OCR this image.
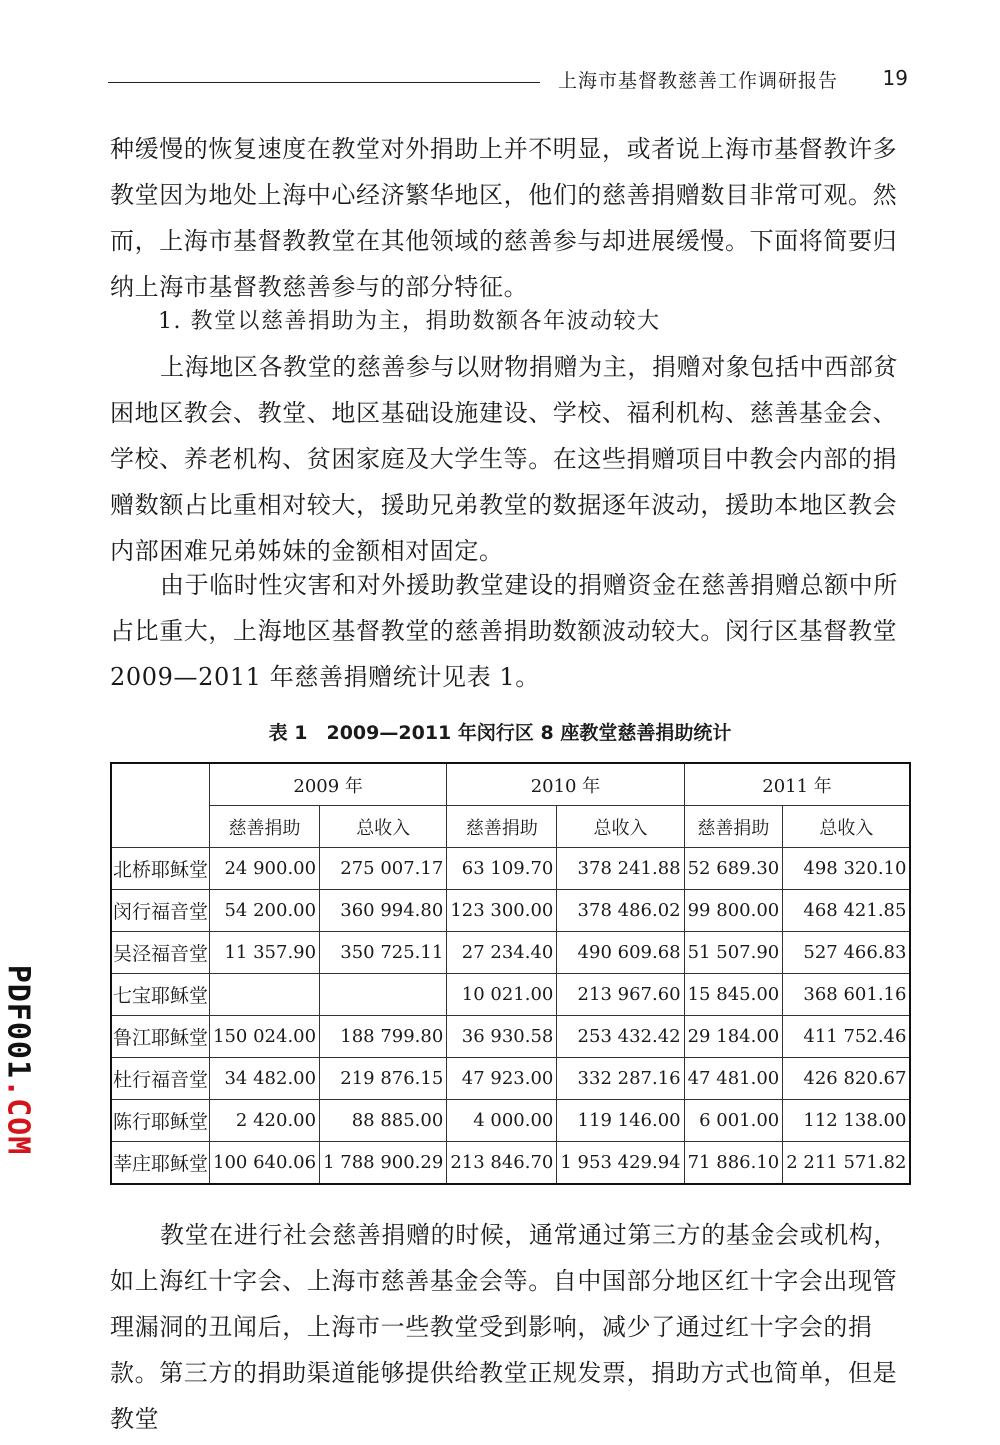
上海市基督教慈善工作调研报告 19

种缓慢的恢复速度在教堂对外捐助上并不明显，或者说上海市基督教许多教堂因为地处上海中心经济繁华地区，他们的慈善捐赠数目非常可观。然而，上海市基督教教堂在其他领域的慈善参与却进展缓慢。下面将简要归纳上海市基督教慈善参与的部分特征。

1. 教堂以慈善捐助为主，捐助数额各年波动较大

上海地区各教堂的慈善参与以财物捐赠为主，捐赠对象包括中西部贫困地区教会、教堂、地区基础设施建设、学校、福利机构、慈善基金会、学校、养老机构、贫困家庭及大学生等。在这些捐赠项目中教会内部的捐赠数额占比重相对较大，援助兄弟教堂的数据逐年波动，援助本地区教会内部困难兄弟姊妹的金额相对固定。

由于临时性灾害和对外援助教堂建设的捐赠资金在慈善捐赠总额中所占比重大，上海地区基督教堂的慈善捐助数额波动较大。闵行区基督教堂 2009—2011 年慈善捐赠统计见表 1。

表 1　2009—2011 年闵行区 8 座教堂慈善捐助统计
	2009 年		2010 年		2011 年	
	慈善捐助	总收入	慈善捐助	总收入	慈善捐助	总收入
北桥耶稣堂	24 900.00	275 007.17	63 109.70	378 241.88	52 689.30	498 320.10
闵行福音堂	54 200.00	360 994.80	123 300.00	378 486.02	99 800.00	468 421.85
吴泾福音堂	11 357.90	350 725.11	27 234.40	490 609.68	51 507.90	527 466.83
七宝耶稣堂			10 021.00	213 967.60	15 845.00	368 601.16
鲁江耶稣堂	150 024.00	188 799.80	36 930.58	253 432.42	29 184.00	411 752.46
杜行福音堂	34 482.00	219 876.15	47 923.00	332 287.16	47 481.00	426 820.67
陈行耶稣堂	2 420.00	88 885.00	4 000.00	119 146.00	6 001.00	112 138.00
莘庄耶稣堂	100 640.06	1 788 900.29	213 846.70	1 953 429.94	71 886.10	2 211 571.82

教堂在进行社会慈善捐赠的时候，通常通过第三方的基金会或机构，如上海红十字会、上海市慈善基金会等。自中国部分地区红十字会出现管理漏洞的丑闻后，上海市一些教堂受到影响，减少了通过红十字会的捐款。第三方的捐助渠道能够提供给教堂正规发票，捐助方式也简单，但是教堂

PDF001.COM
